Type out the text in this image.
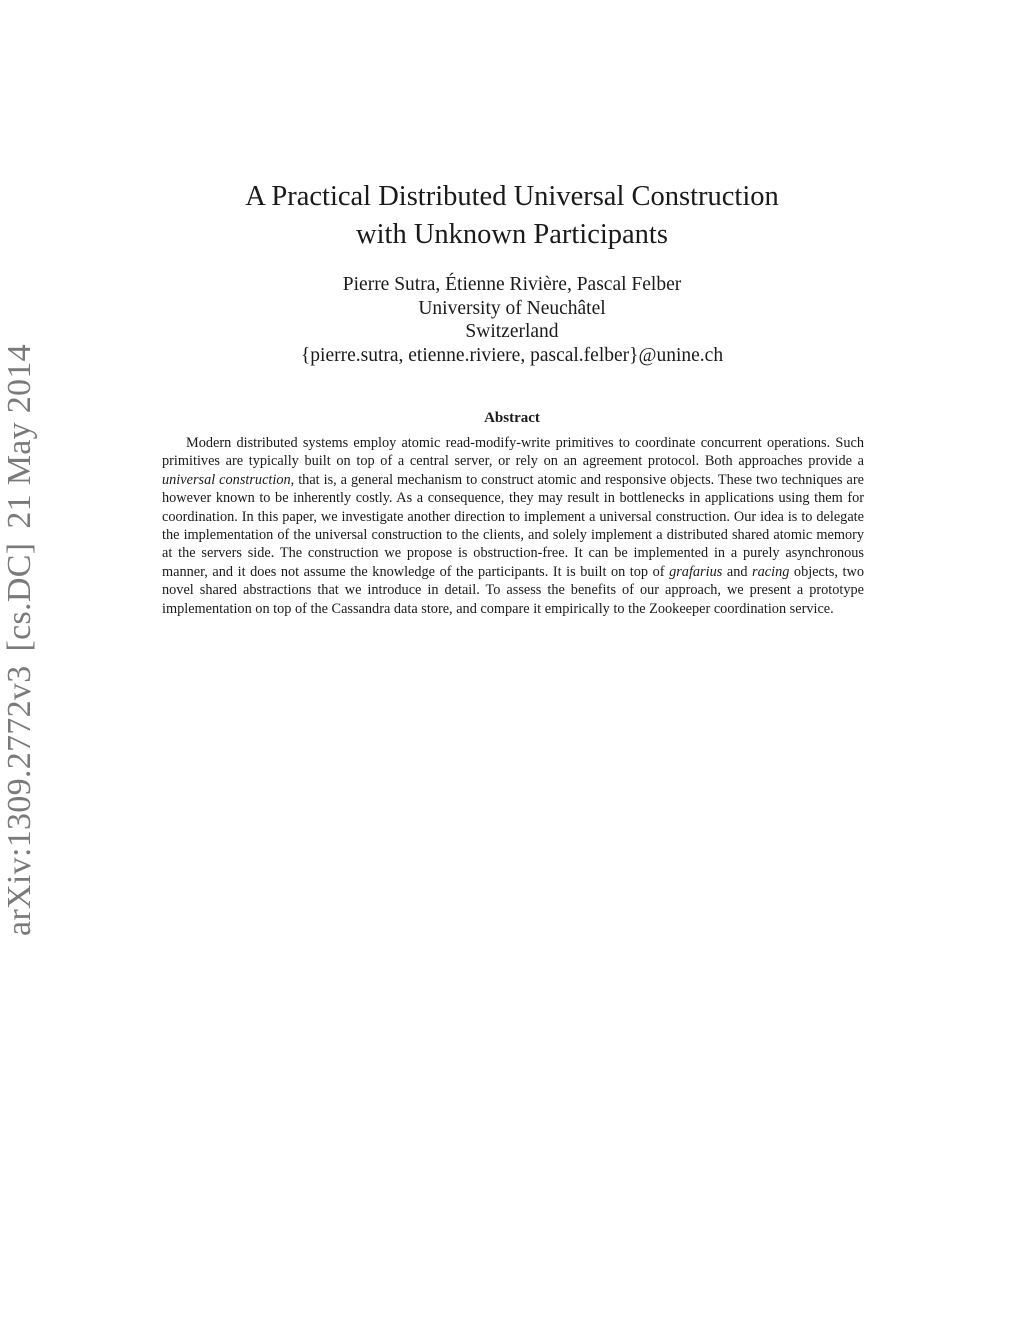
arXiv:1309.2772v3
[cs.DC]
21 May 2014
A Practical Distributed Universal Construction
with Unknown Participants
Pierre Sutra, Étienne Rivière, Pascal Felber
University of Neuchâtel
Switzerland
{pierre.sutra, etienne.riviere, pascal.felber}@unine.ch
Abstract
Modern distributed systems employ atomic read-modify-write primitives to coordinate concurrent operations. Such primitives are typically built on top of a central server, or rely on an agreement protocol. Both approaches provide a universal construction, that is, a general mechanism to construct atomic and responsive objects. These two techniques are however known to be inherently costly. As a consequence, they may result in bottlenecks in applications using them for coordination. In this paper, we investigate another direction to implement a universal construction. Our idea is to delegate the implementation of the universal construction to the clients, and solely implement a distributed shared atomic memory at the servers side. The construction we propose is obstruction-free. It can be implemented in a purely asynchronous manner, and it does not assume the knowledge of the participants. It is built on top of grafarius and racing objects, two novel shared abstractions that we introduce in detail. To assess the benefits of our approach, we present a prototype implementation on top of the Cassandra data store, and compare it empirically to the Zookeeper coordination service.
